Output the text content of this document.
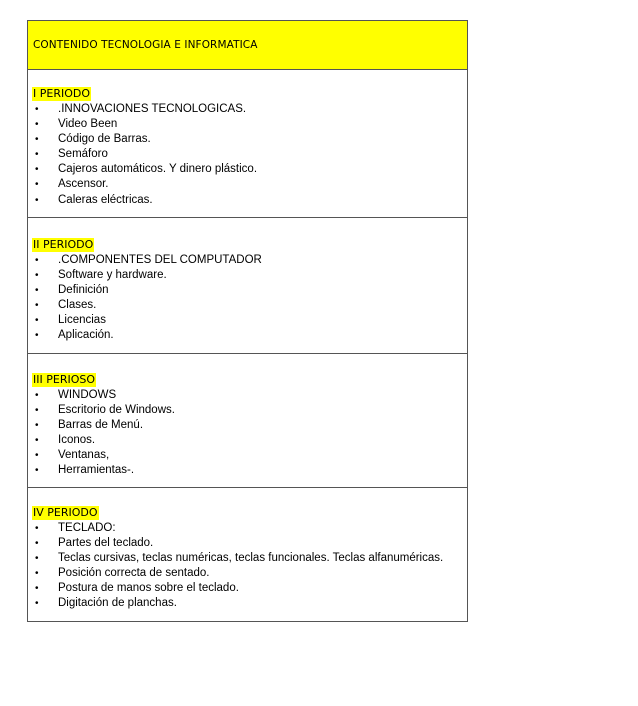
CONTENIDO TECNOLOGIA E INFORMATICA
I PERIODO
• .INNOVACIONES TECNOLOGICAS.
• Video Been
• Código de Barras.
• Semáforo
• Cajeros automáticos. Y dinero plástico.
• Ascensor.
• Caleras eléctricas.
II PERIODO
• .COMPONENTES DEL COMPUTADOR
• Software y hardware.
• Definición
• Clases.
• Licencias
• Aplicación.
III PERIOSO
• WINDOWS
• Escritorio de Windows.
• Barras de Menú.
• Iconos.
• Ventanas,
• Herramientas-.
IV PERIODO
• TECLADO:
• Partes del teclado.
• Teclas cursivas, teclas numéricas, teclas funcionales. Teclas alfanuméricas.
• Posición correcta de sentado.
• Postura de manos sobre el teclado.
• Digitación de planchas.
